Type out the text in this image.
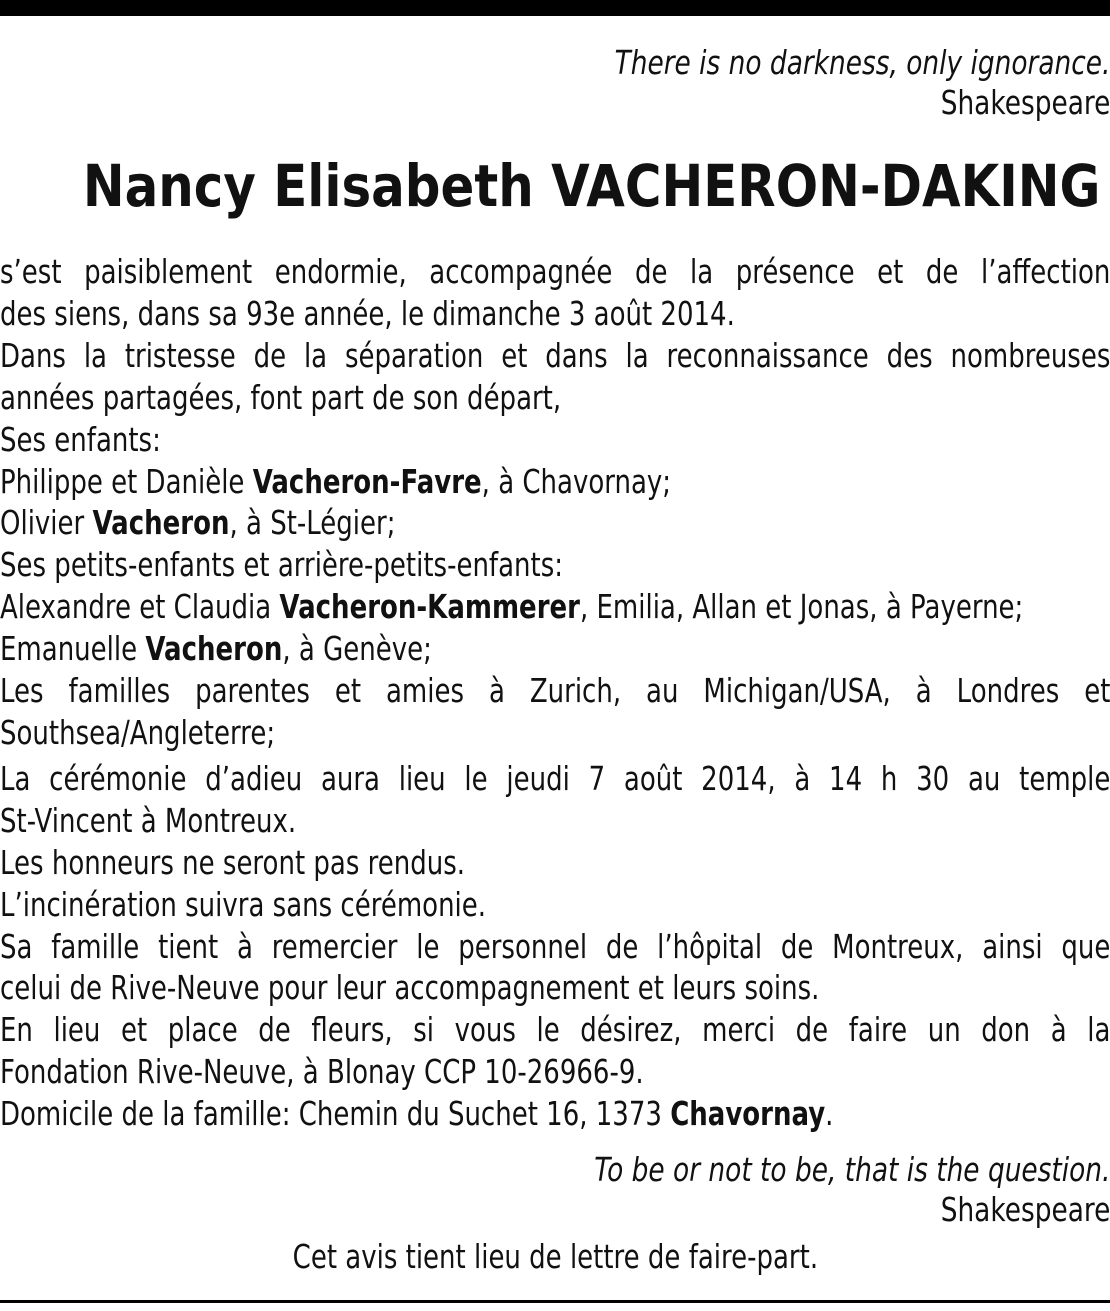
There is no darkness, only ignorance.
Shakespeare
Nancy Elisabeth VACHERON-DAKING
s’est paisiblement endormie, accompagnée de la présence et de l’affection
des siens, dans sa 93e année, le dimanche 3 août 2014.
Dans la tristesse de la séparation et dans la reconnaissance des nombreuses
années partagées, font part de son départ,
Ses enfants:
Philippe et Danièle Vacheron-Favre, à Chavornay;
Olivier Vacheron, à St-Légier;
Ses petits-enfants et arrière-petits-enfants:
Alexandre et Claudia Vacheron-Kammerer, Emilia, Allan et Jonas, à Payerne;
Emanuelle Vacheron, à Genève;
Les familles parentes et amies à Zurich, au Michigan/USA, à Londres et
Southsea/Angleterre;
La cérémonie d’adieu aura lieu le jeudi 7 août 2014, à 14 h 30 au temple
St-Vincent à Montreux.
Les honneurs ne seront pas rendus.
L’incinération suivra sans cérémonie.
Sa famille tient à remercier le personnel de l’hôpital de Montreux, ainsi que
celui de Rive-Neuve pour leur accompagnement et leurs soins.
En lieu et place de fleurs, si vous le désirez, merci de faire un don à la
Fondation Rive-Neuve, à Blonay CCP 10-26966-9.
Domicile de la famille: Chemin du Suchet 16, 1373 Chavornay.
To be or not to be, that is the question.
Shakespeare
Cet avis tient lieu de lettre de faire-part.
